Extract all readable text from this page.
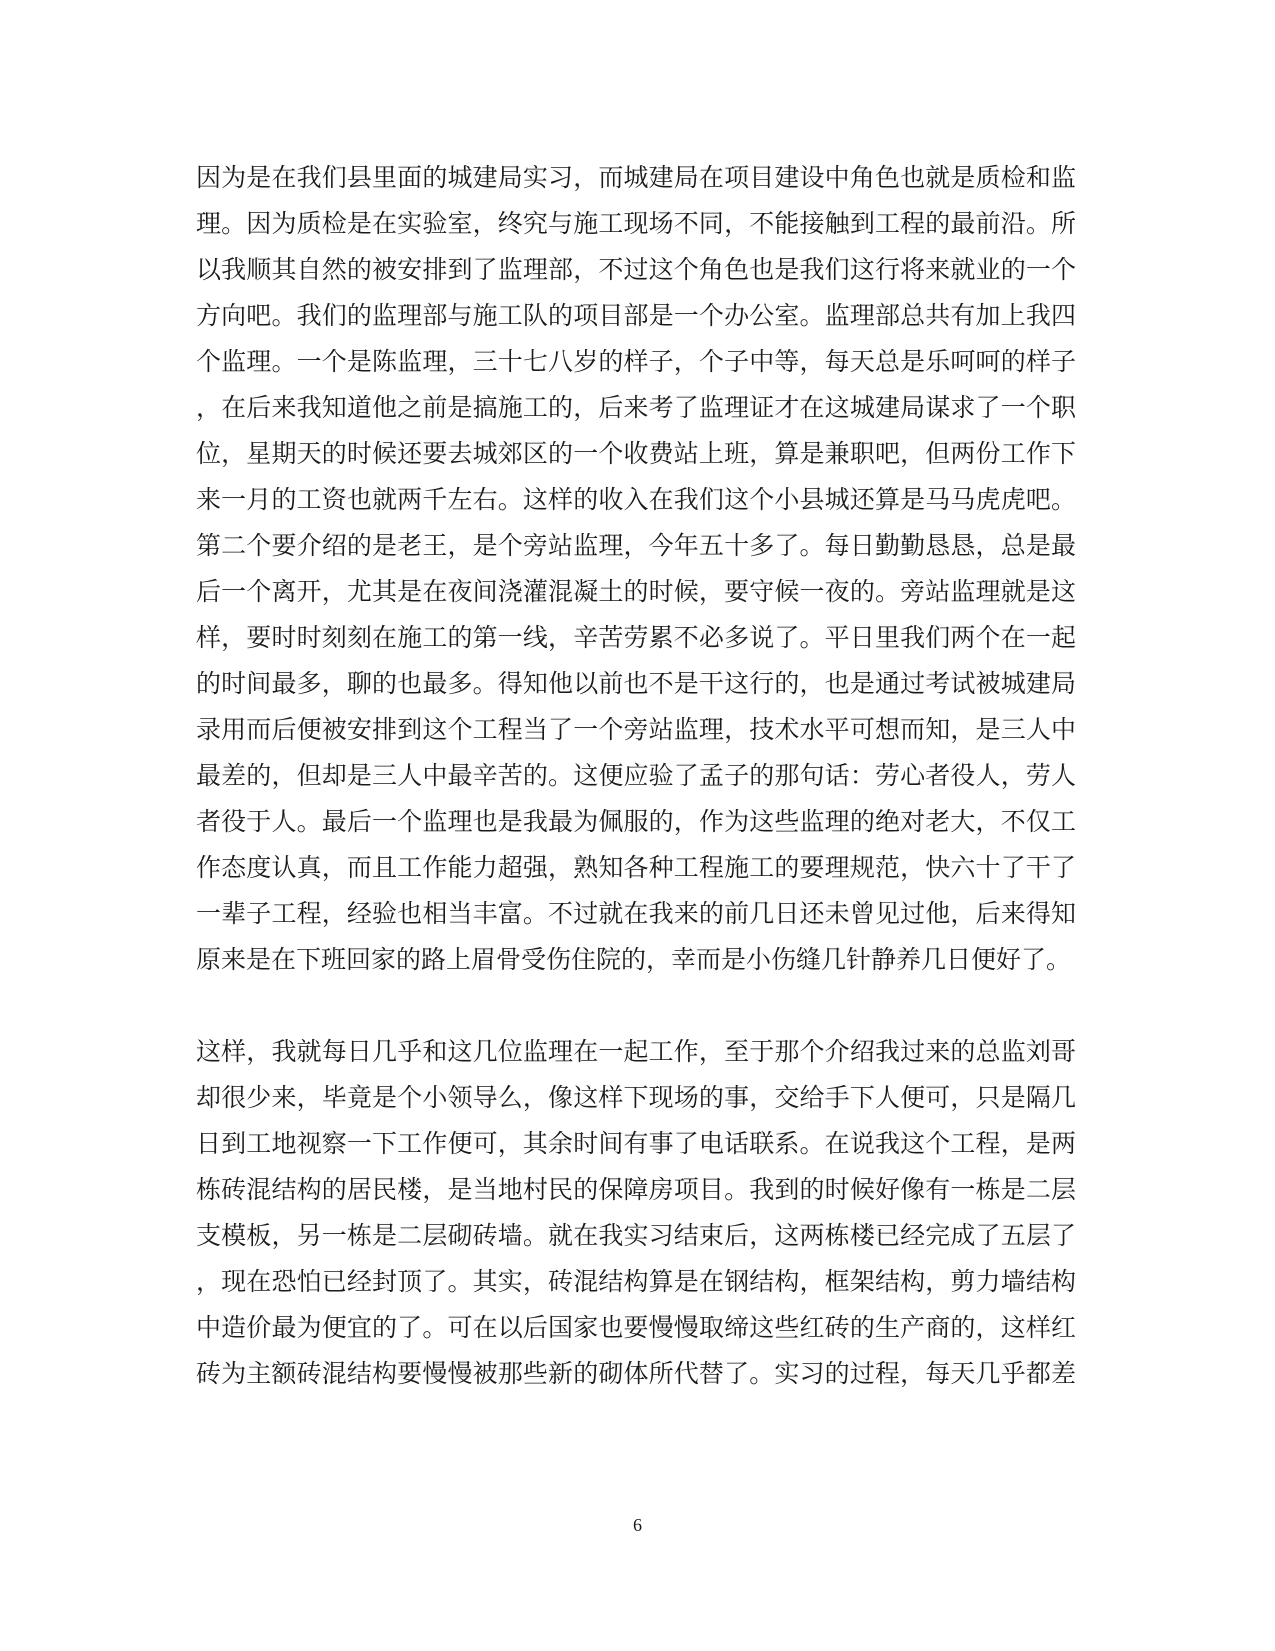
因为是在我们县里面的城建局实习，而城建局在项目建设中角色也就是质检和监

理。因为质检是在实验室，终究与施工现场不同，不能接触到工程的最前沿。所

以我顺其自然的被安排到了监理部，不过这个角色也是我们这行将来就业的一个

方向吧。我们的监理部与施工队的项目部是一个办公室。监理部总共有加上我四

个监理。一个是陈监理，三十七八岁的样子，个子中等，每天总是乐呵呵的样子

，在后来我知道他之前是搞施工的，后来考了监理证才在这城建局谋求了一个职

位，星期天的时候还要去城郊区的一个收费站上班，算是兼职吧，但两份工作下

来一月的工资也就两千左右。这样的收入在我们这个小县城还算是马马虎虎吧。

第二个要介绍的是老王，是个旁站监理，今年五十多了。每日勤勤恳恳，总是最

后一个离开，尤其是在夜间浇灌混凝土的时候，要守候一夜的。旁站监理就是这

样，要时时刻刻在施工的第一线，辛苦劳累不必多说了。平日里我们两个在一起

的时间最多，聊的也最多。得知他以前也不是干这行的，也是通过考试被城建局

录用而后便被安排到这个工程当了一个旁站监理，技术水平可想而知，是三人中

最差的，但却是三人中最辛苦的。这便应验了孟子的那句话：劳心者役人，劳人

者役于人。最后一个监理也是我最为佩服的，作为这些监理的绝对老大，不仅工

作态度认真，而且工作能力超强，熟知各种工程施工的要理规范，快六十了干了

一辈子工程，经验也相当丰富。不过就在我来的前几日还未曾见过他，后来得知

原来是在下班回家的路上眉骨受伤住院的，幸而是小伤缝几针静养几日便好了。

这样，我就每日几乎和这几位监理在一起工作，至于那个介绍我过来的总监刘哥

却很少来，毕竟是个小领导么，像这样下现场的事，交给手下人便可，只是隔几

日到工地视察一下工作便可，其余时间有事了电话联系。在说我这个工程，是两

栋砖混结构的居民楼，是当地村民的保障房项目。我到的时候好像有一栋是二层

支模板，另一栋是二层砌砖墙。就在我实习结束后，这两栋楼已经完成了五层了

，现在恐怕已经封顶了。其实，砖混结构算是在钢结构，框架结构，剪力墙结构

中造价最为便宜的了。可在以后国家也要慢慢取缔这些红砖的生产商的，这样红

砖为主额砖混结构要慢慢被那些新的砌体所代替了。实习的过程，每天几乎都差

6
